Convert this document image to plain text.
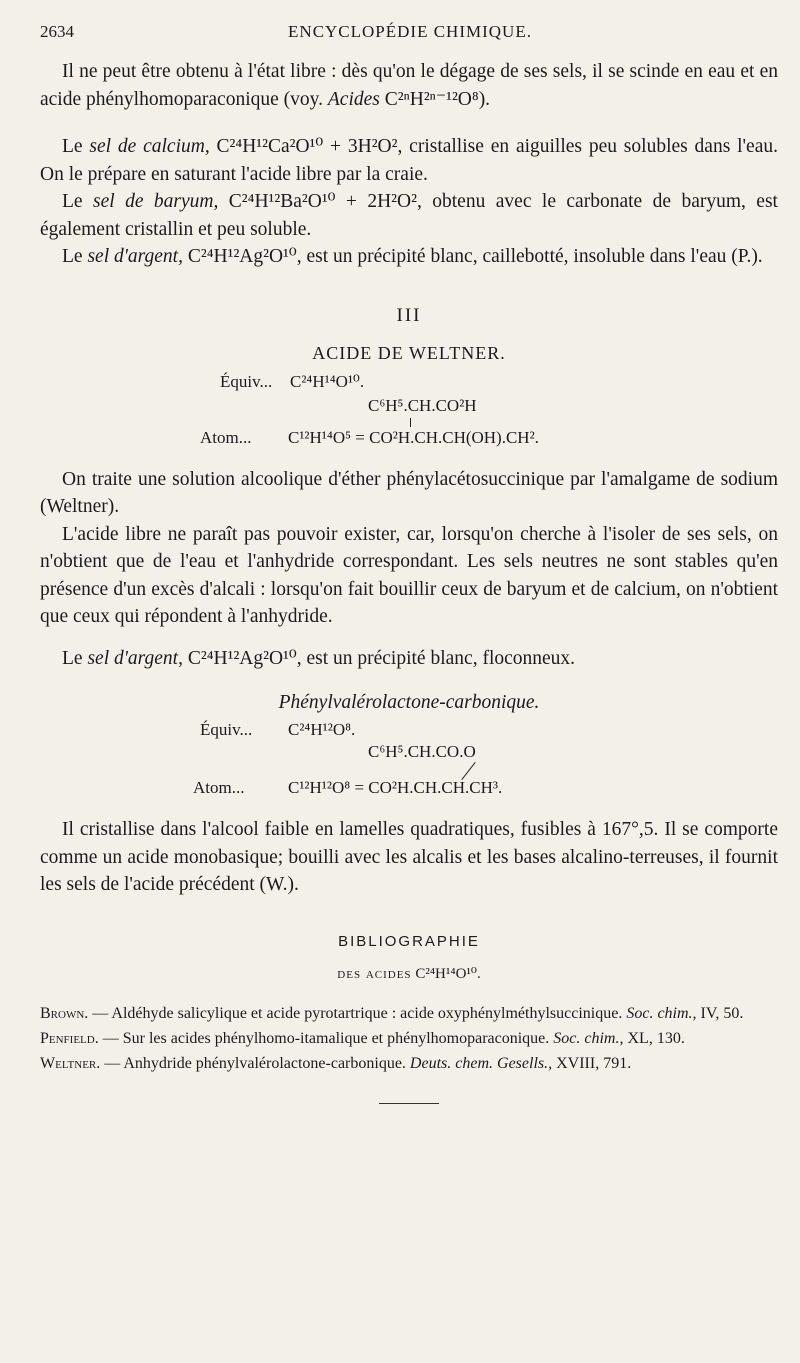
2634	ENCYCLOPÉDIE CHIMIQUE.

Il ne peut être obtenu à l'état libre : dès qu'on le dégage de ses sels, il se scinde en eau et en acide phénylhomoparaconique (voy. Acides C²ⁿH²ⁿ⁻¹²O⁸).

Le sel de calcium, C²⁴H¹²Ca²O¹⁰ + 3H²O², cristallise en aiguilles peu solubles dans l'eau. On le prépare en saturant l'acide libre par la craie.

Le sel de baryum, C²⁴H¹²Ba²O¹⁰ + 2H²O², obtenu avec le carbonate de baryum, est également cristallin et peu soluble.

Le sel d'argent, C²⁴H¹²Ag²O¹⁰, est un précipité blanc, caillebotté, insoluble dans l'eau (P.).

III
ACIDE DE WELTNER.
Équiv... C²⁴H¹⁴O¹⁰.
C⁶H⁵.CH.CO²H
Atom... C¹²H¹⁴O⁵ = CO²H.CH.CH(OH).CH².

On traite une solution alcoolique d'éther phénylacétosuccinique par l'amalgame de sodium (Weltner).

L'acide libre ne paraît pas pouvoir exister, car, lorsqu'on cherche à l'isoler de ses sels, on n'obtient que de l'eau et l'anhydride correspondant. Les sels neutres ne sont stables qu'en présence d'un excès d'alcali : lorsqu'on fait bouillir ceux de baryum et de calcium, on n'obtient que ceux qui répondent à l'anhydride.

Le sel d'argent, C²⁴H¹²Ag²O¹⁰, est un précipité blanc, floconneux.

Phénylvalérolactone-carbonique.
Équiv... C²⁴H¹²O⁸.
C⁶H⁵.CH.CO.O
Atom...	C¹²H¹²O⁸ = CO²H.CH.CH.CH³.

Il cristallise dans l'alcool faible en lamelles quadratiques, fusibles à 167°,5. Il se comporte comme un acide monobasique; bouilli avec les alcalis et les bases alcalino-terreuses, il fournit les sels de l'acide précédent (W.).

BIBLIOGRAPHIE
des acides C²⁴H¹⁴O¹⁰.
Brown. — Aldéhyde salicylique et acide pyrotartrique : acide oxyphénylméthylsuccinique. Soc. chim., IV, 50.
Penfield. — Sur les acides phénylhomo-itamalique et phénylhomoparaconique. Soc. chim., XL, 130.
Weltner. — Anhydride phénylvalérolactone-carbonique. Deuts. chem. Gesells., XVIII, 791.
